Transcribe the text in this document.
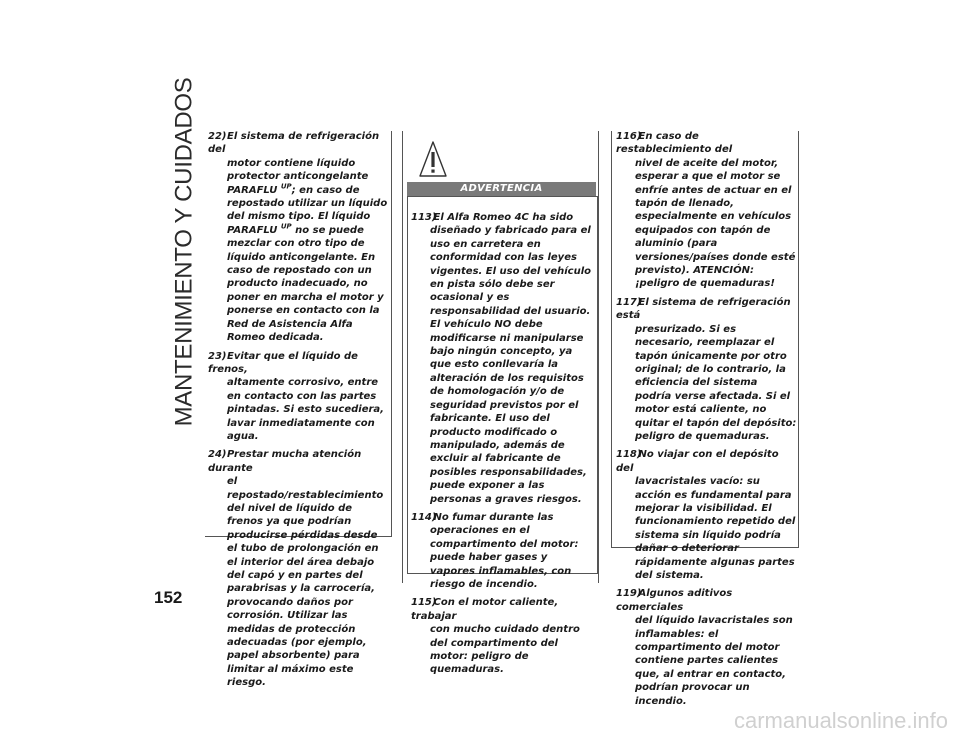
MANTENIMIENTO Y CUIDADOS 22)El sistema de refrigeración del
motor contiene líquido protector anticongelante PARAFLU $^{UP}$; en caso de repostado utilizar un líquido del mismo tipo. El líquido PARAFLU $^{UP}$ no se puede mezclar con otro tipo de líquido anticongelante. En caso de repostado con un producto inadecuado, no poner en marcha el motor y ponerse en contacto con la Red de Asistencia Alfa Romeo dedicada.
23)Evitar que el líquido de frenos,
altamente corrosivo, entre en contacto con las partes pintadas. Si esto sucediera, lavar inmediatamente con agua.
24)Prestar mucha atención durante
el repostado/restablecimiento del nivel de líquido de frenos ya que podrían producirse pérdidas desde el tubo de prolongación en el interior del área debajo del capó y en partes del parabrisas y la carrocería, provocando daños por corrosión. Utilizar las medidas de protección adecuadas (por ejemplo, papel absorbente) para limitar al máximo este riesgo.
ADVERTENCIA
113) El Alfa Romeo 4C ha sido
diseñado y fabricado para el uso en carretera en conformidad con las leyes vigentes. El uso del vehículo en pista sólo debe ser ocasional y es responsabilidad del usuario. El vehículo NO debe modificarse ni manipularse bajo ningún concepto, ya que esto conllevaría la alteración de los requisitos de homologación y/o de seguridad previstos por el fabricante. El uso del producto modificado o manipulado, además de excluir al fabricante de posibles responsabilidades, puede exponer a las personas a graves riesgos.
114) No fumar durante las
operaciones en el compartimento del motor: puede haber gases y vapores inflamables, con riesgo de incendio.
115) Con el motor caliente, trabajar
con mucho cuidado dentro del compartimento del motor: peligro de quemaduras.
116) En caso de restablecimiento del
nivel de aceite del motor, esperar a que el motor se enfríe antes de actuar en el tapón de llenado, especialmente en vehículos equipados con tapón de aluminio (para versiones/países donde esté previsto). ATENCIÓN: ¡peligro de quemaduras!
117) El sistema de refrigeración está
presurizado. Si es necesario, reemplazar el tapón únicamente por otro original; de lo contrario, la eficiencia del sistema podría verse afectada. Si el motor está caliente, no quitar el tapón del depósito: peligro de quemaduras.
118) No viajar con el depósito del
lavacristales vacío: su acción es fundamental para mejorar la visibilidad. El funcionamiento repetido del sistema sin líquido podría dañar o deteriorar rápidamente algunas partes del sistema.
119) Algunos aditivos comerciales
del líquido lavacristales son inflamables: el compartimento del motor contiene partes calientes que, al entrar en contacto, podrían provocar un incendio.
152
carmanualsonline.info
